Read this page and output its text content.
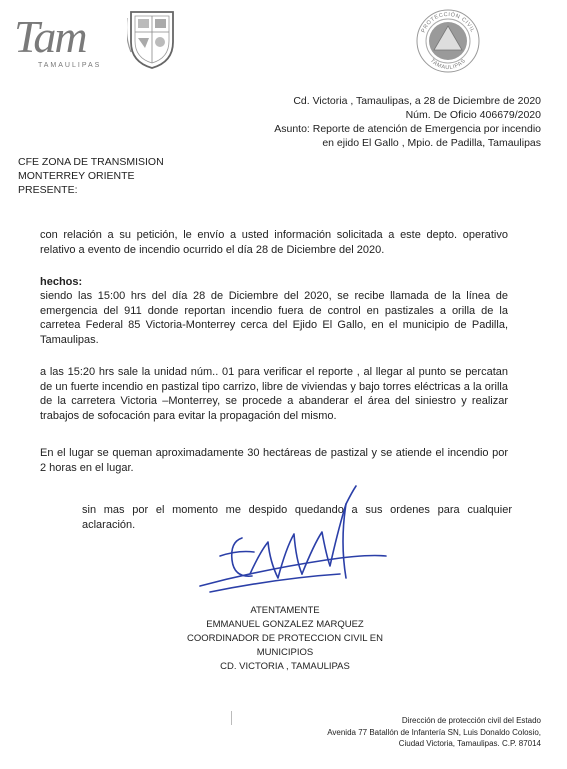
Tam
TAMAULIPAS
PROTECCIÓN CIVIL
TAMAULIPAS
Cd. Victoria , Tamaulipas, a 28 de Diciembre de 2020
Núm. De Oficio 406679/2020
Asunto: Reporte de atención de Emergencia por incendio
en ejido El Gallo , Mpio. de Padilla, Tamaulipas
CFE ZONA DE TRANSMISION
MONTERREY ORIENTE
PRESENTE:
con relación a su petición, le envío a usted información solicitada a este depto. operativo relativo a evento de incendio ocurrido el día 28 de Diciembre del 2020.
hechos:
siendo las 15:00 hrs del día 28 de Diciembre del 2020, se recibe llamada de la línea de emergencia del 911 donde reportan incendio fuera de control en pastizales a orilla de la carretea Federal 85 Victoria-Monterrey cerca del Ejido El Gallo, en el municipio de Padilla, Tamaulipas.
a las 15:20 hrs sale la unidad núm.. 01 para verificar el reporte , al llegar al punto se percatan de un fuerte incendio en pastizal tipo carrizo, libre de viviendas y bajo torres eléctricas a la orilla de la carretera Victoria –Monterrey, se procede a abanderar el área del siniestro y realizar trabajos de sofocación para evitar la propagación del mismo.
En el lugar se queman aproximadamente 30 hectáreas de pastizal y se atiende el incendio por 2 horas en el lugar.
sin mas por el momento me despido quedando a sus ordenes para cualquier aclaración.
ATENTAMENTE
EMMANUEL GONZALEZ MARQUEZ
COORDINADOR DE PROTECCION CIVIL EN MUNICIPIOS
CD. VICTORIA , TAMAULIPAS
Dirección de protección civil del Estado
Avenida 77 Batallón de Infantería SN, Luis Donaldo Colosio,
Ciudad Victoria, Tamaulipas. C.P. 87014
